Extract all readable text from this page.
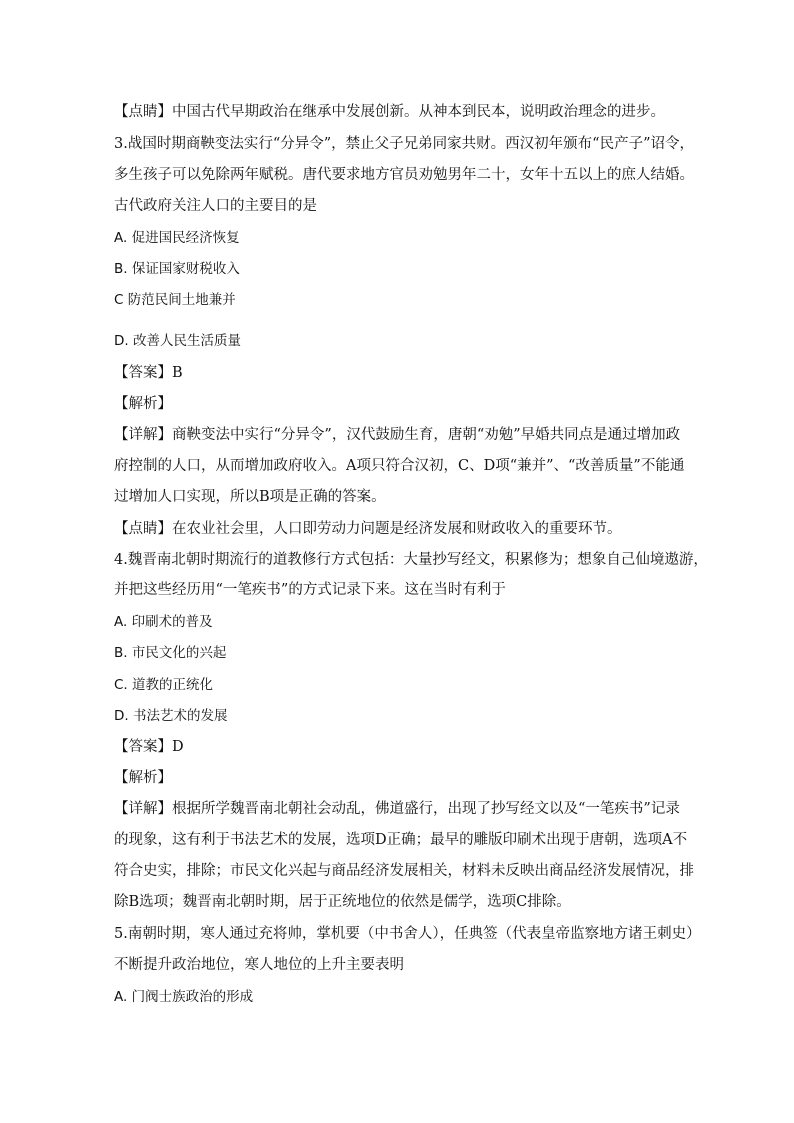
【点睛】中国古代早期政治在继承中发展创新。从神本到民本，说明政治理念的进步。
3.战国时期商鞅变法实行“分异令”，禁止父子兄弟同家共财。西汉初年颁布“民产子”诏令，
多生孩子可以免除两年赋税。唐代要求地方官员劝勉男年二十，女年十五以上的庶人结婚。
古代政府关注人口的主要目的是
A. 促进国民经济恢复
B. 保证国家财税收入
C 防范民间土地兼并
D. 改善人民生活质量
【答案】B
【解析】
【详解】商鞅变法中实行“分异令”，汉代鼓励生育，唐朝“劝勉”早婚共同点是通过增加政
府控制的人口，从而增加政府收入。A项只符合汉初，C、D项“兼并”、“改善质量”不能通
过增加人口实现，所以B项是正确的答案。
【点睛】在农业社会里，人口即劳动力问题是经济发展和财政收入的重要环节。
4.魏晋南北朝时期流行的道教修行方式包括：大量抄写经文，积累修为；想象自己仙境遨游，
并把这些经历用“一笔疾书”的方式记录下来。这在当时有利于
A. 印刷术的普及
B. 市民文化的兴起
C. 道教的正统化
D. 书法艺术的发展
【答案】D
【解析】
【详解】根据所学魏晋南北朝社会动乱，佛道盛行，出现了抄写经文以及“一笔疾书”记录
的现象，这有利于书法艺术的发展，选项D正确；最早的雕版印刷术出现于唐朝，选项A不
符合史实，排除；市民文化兴起与商品经济发展相关，材料未反映出商品经济发展情况，排
除B选项；魏晋南北朝时期，居于正统地位的依然是儒学，选项C排除。
5.南朝时期，寒人通过充将帅，掌机要（中书舍人），任典签（代表皇帝监察地方诸王刺史）
不断提升政治地位，寒人地位的上升主要表明
A. 门阀士族政治的形成
